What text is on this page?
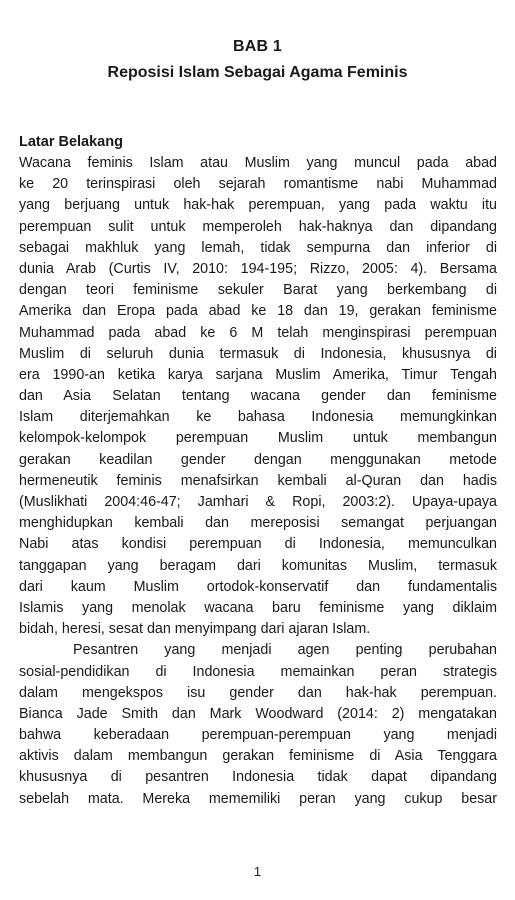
BAB 1
Reposisi Islam Sebagai Agama Feminis
Latar Belakang
Wacana feminis Islam atau Muslim yang muncul pada abad
ke 20 terinspirasi oleh sejarah romantisme nabi Muhammad
yang berjuang untuk hak-hak perempuan, yang pada waktu itu
perempuan sulit untuk memperoleh hak-haknya dan dipandang
sebagai makhluk yang lemah, tidak sempurna dan inferior di
dunia Arab (Curtis IV, 2010: 194-195; Rizzo, 2005: 4). Bersama
dengan teori feminisme sekuler Barat yang berkembang di
Amerika dan Eropa pada abad ke 18 dan 19, gerakan feminisme
Muhammad pada abad ke 6 M telah menginspirasi perempuan
Muslim di seluruh dunia termasuk di Indonesia, khususnya di
era 1990-an ketika karya sarjana Muslim Amerika, Timur Tengah
dan Asia Selatan tentang wacana gender dan feminisme
Islam diterjemahkan ke bahasa Indonesia memungkinkan
kelompok-kelompok perempuan Muslim untuk membangun
gerakan keadilan gender dengan menggunakan metode
hermeneutik feminis menafsirkan kembali al-Quran dan hadis
(Muslikhati 2004:46-47; Jamhari & Ropi, 2003:2). Upaya-upaya
menghidupkan kembali dan mereposisi semangat perjuangan
Nabi atas kondisi perempuan di Indonesia, memunculkan
tanggapan yang beragam dari komunitas Muslim, termasuk
dari kaum Muslim ortodok-konservatif dan fundamentalis
Islamis yang menolak wacana baru feminisme yang diklaim
bidah, heresi, sesat dan menyimpang dari ajaran Islam.
Pesantren yang menjadi agen penting perubahan
sosial-pendidikan di Indonesia memainkan peran strategis
dalam mengekspos isu gender dan hak-hak perempuan.
Bianca Jade Smith dan Mark Woodward (2014: 2) mengatakan
bahwa keberadaan perempuan-perempuan yang menjadi
aktivis dalam membangun gerakan feminisme di Asia Tenggara
khususnya di pesantren Indonesia tidak dapat dipandang
sebelah mata. Mereka mememiliki peran yang cukup besar
1
